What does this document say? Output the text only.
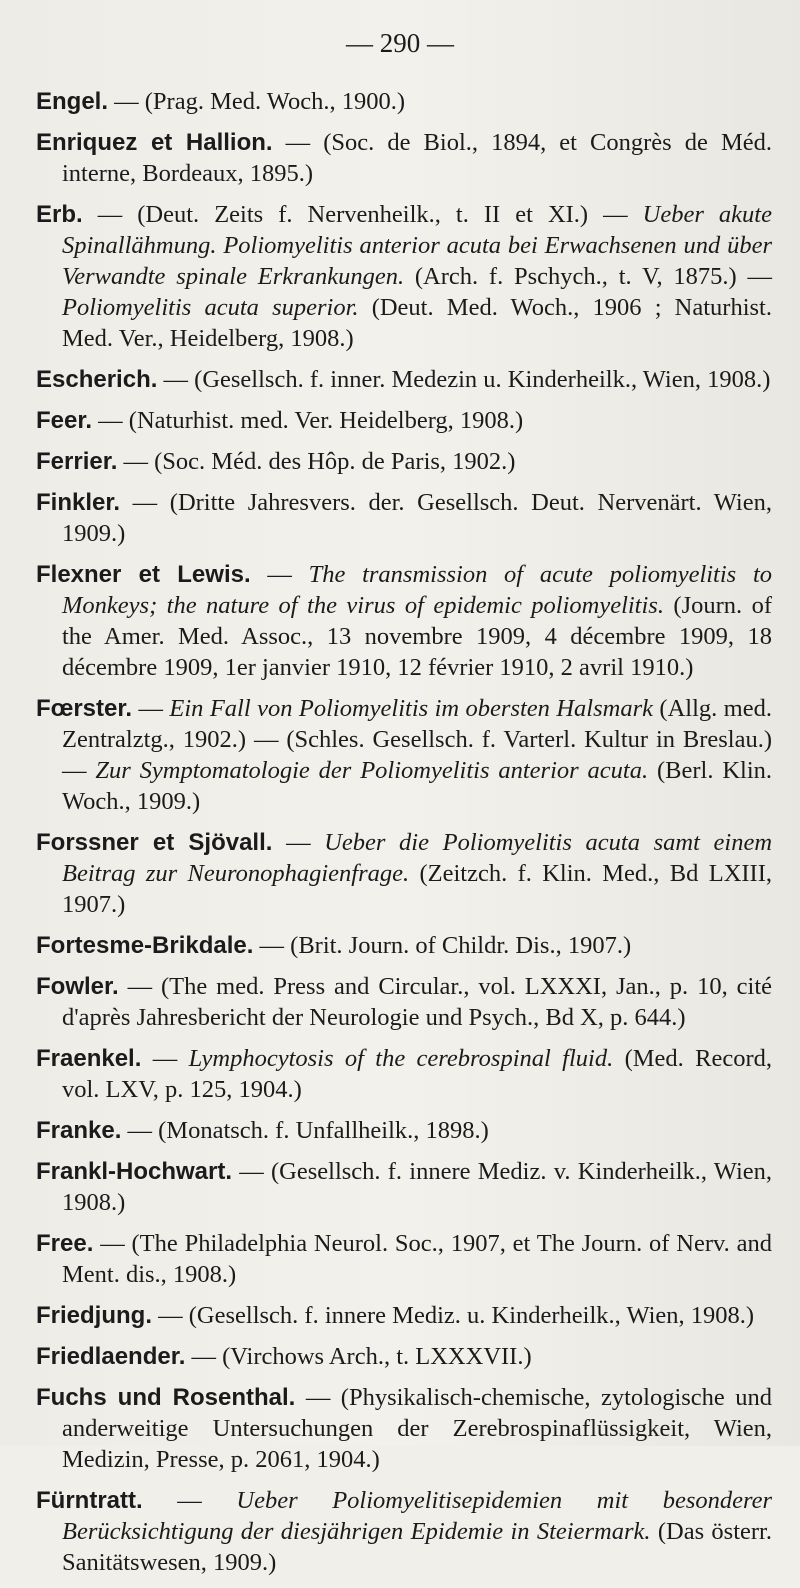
— 290 —
Engel. — (Prag. Med. Woch., 1900.)
Enriquez et Hallion. — (Soc. de Biol., 1894, et Congrès de Méd. interne, Bordeaux, 1895.)
Erb. — (Deut. Zeits f. Nervenheilk., t. II et XI.) — Ueber akute Spinallähmung. Poliomyelitis anterior acuta bei Erwachsenen und über Verwandte spinale Erkrankungen. (Arch. f. Pschych., t. V, 1875.) — Poliomyelitis acuta superior. (Deut. Med. Woch., 1906 ; Naturhist. Med. Ver., Heidelberg, 1908.)
Escherich. — (Gesellsch. f. inner. Medezin u. Kinderheilk., Wien, 1908.)
Feer. — (Naturhist. med. Ver. Heidelberg, 1908.)
Ferrier. — (Soc. Méd. des Hôp. de Paris, 1902.)
Finkler. — (Dritte Jahresvers. der. Gesellsch. Deut. Nervenärt. Wien, 1909.)
Flexner et Lewis. — The transmission of acute poliomyelitis to Monkeys; the nature of the virus of epidemic poliomyelitis. (Journ. of the Amer. Med. Assoc., 13 novembre 1909, 4 décembre 1909, 18 décembre 1909, 1er janvier 1910, 12 février 1910, 2 avril 1910.)
Fœrster. — Ein Fall von Poliomyelitis im obersten Halsmark (Allg. med. Zentralztg., 1902.) — (Schles. Gesellsch. f. Varterl. Kultur in Breslau.) — Zur Symptomatologie der Poliomyelitis anterior acuta. (Berl. Klin. Woch., 1909.)
Forssner et Sjövall. — Ueber die Poliomyelitis acuta samt einem Beitrag zur Neuronophagienfrage. (Zeitzch. f. Klin. Med., Bd LXIII, 1907.)
Fortesme-Brikdale. — (Brit. Journ. of Childr. Dis., 1907.)
Fowler. — (The med. Press and Circular., vol. LXXXI, Jan., p. 10, cité d'après Jahresbericht der Neurologie und Psych., Bd X, p. 644.)
Fraenkel. — Lymphocytosis of the cerebrospinal fluid. (Med. Record, vol. LXV, p. 125, 1904.)
Franke. — (Monatsch. f. Unfallheilk., 1898.)
Frankl-Hochwart. — (Gesellsch. f. innere Mediz. v. Kinderheilk., Wien, 1908.)
Free. — (The Philadelphia Neurol. Soc., 1907, et The Journ. of Nerv. and Ment. dis., 1908.)
Friedjung. — (Gesellsch. f. innere Mediz. u. Kinderheilk., Wien, 1908.)
Friedlaender. — (Virchows Arch., t. LXXXVII.)
Fuchs und Rosenthal. — (Physikalisch-chemische, zytologische und anderweitige Untersuchungen der Zerebrospinaflüssigkeit, Wien, Medizin, Presse, p. 2061, 1904.)
Fürntratt. — Ueber Poliomyelitisepidemien mit besonderer Berücksichtigung der diesjährigen Epidemie in Steiermark. (Das österr. Sanitätswesen, 1909.)
